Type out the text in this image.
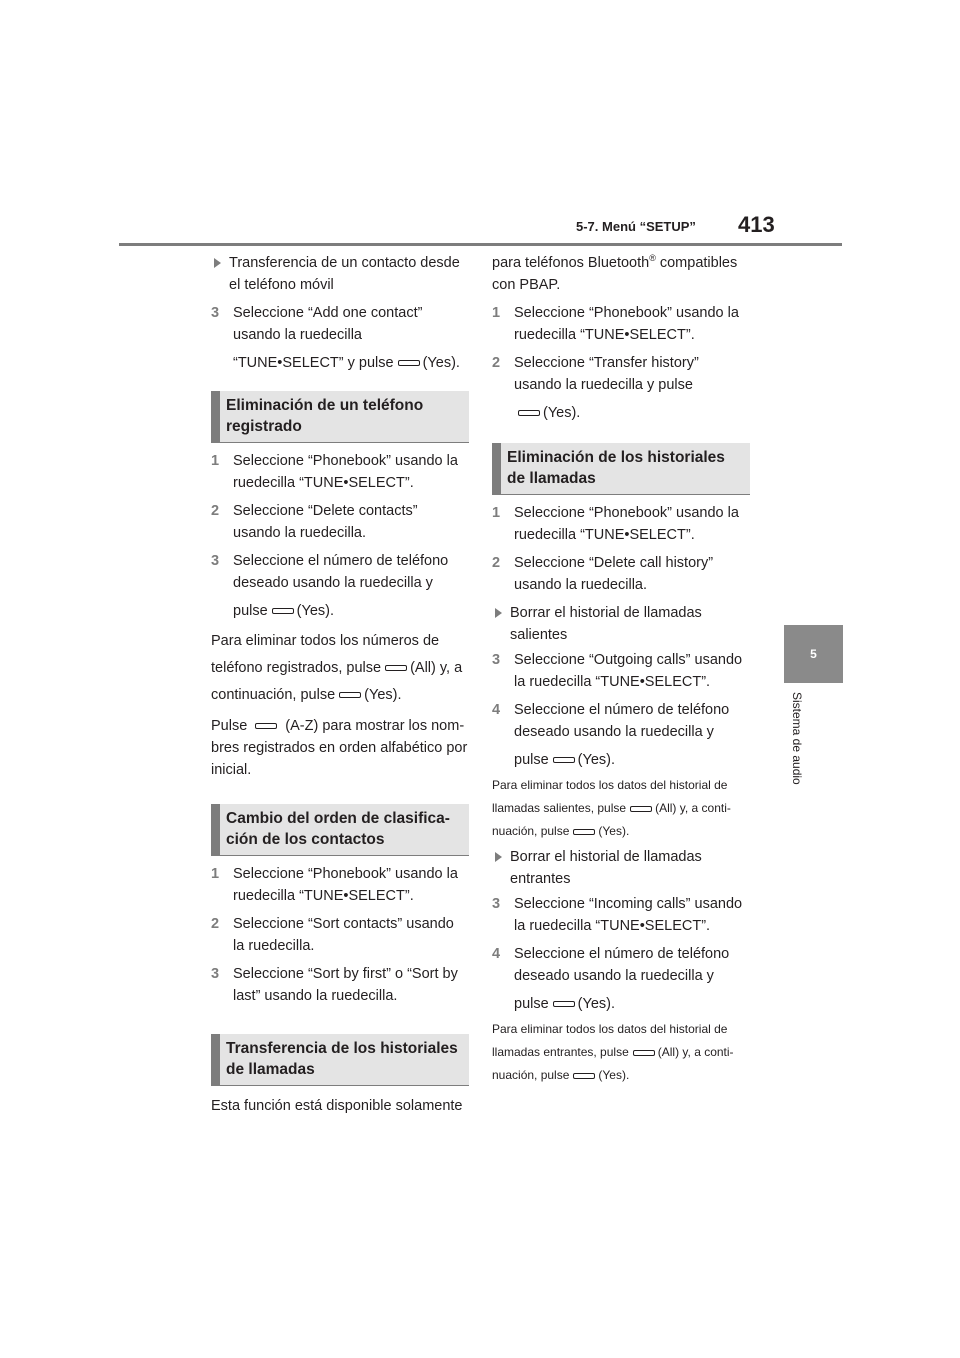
5-7. Menú “SETUP” 413
5
Sistema de audio

Transferencia de un contacto desde el teléfono móvil

3 Seleccione “Add one contact” usando la ruedecilla

“TUNE•SELECT” y pulse (Yes).

Eliminación de un teléfono registrado

1 Seleccione “Phonebook” usando la ruedecilla “TUNE•SELECT”.

2 Seleccione “Delete contacts” usando la ruedecilla.

3 Seleccione el número de teléfono deseado usando la ruedecilla y

pulse (Yes).

Para eliminar todos los números de

teléfono registrados, pulse (All) y, a

continuación, pulse (Yes).

Pulse	(A-Z) para mostrar los nom-

bres registrados en orden alfabético por inicial.

Cambio del orden de clasifica-ción de los contactos

1 Seleccione “Phonebook” usando la ruedecilla “TUNE•SELECT”.

2 Seleccione “Sort contacts” usando la ruedecilla.

3 Seleccione “Sort by first” o “Sort by last” usando la ruedecilla.

Transferencia de los historiales de llamadas

Esta función está disponible solamente

para teléfonos Bluetooth® compatibles con PBAP.

1 Seleccione “Phonebook” usando la ruedecilla “TUNE•SELECT”.

2 Seleccione “Transfer history” usando la ruedecilla y pulse

(Yes).

Eliminación de los historiales de llamadas

1 Seleccione “Phonebook” usando la ruedecilla “TUNE•SELECT”.

2 Seleccione “Delete call history” usando la ruedecilla.

Borrar el historial de llamadas salientes

3 Seleccione “Outgoing calls” usando la ruedecilla “TUNE•SELECT”.

4 Seleccione el número de teléfono deseado usando la ruedecilla y

pulse (Yes).

Para eliminar todos los datos del historial de

llamadas salientes, pulse (All) y, a conti-

nuación, pulse (Yes).

Borrar el historial de llamadas entrantes

3 Seleccione “Incoming calls” usando la ruedecilla “TUNE•SELECT”.

4 Seleccione el número de teléfono deseado usando la ruedecilla y

pulse (Yes).

Para eliminar todos los datos del historial de

llamadas entrantes, pulse (All) y, a conti-

nuación, pulse (Yes).
